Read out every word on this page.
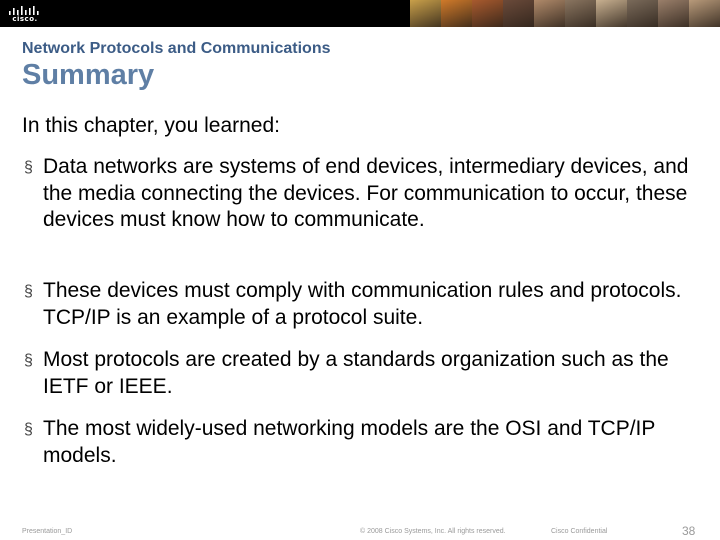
cisco.
Network Protocols and Communications
Summary
In this chapter, you learned:
§ Data networks are systems of end devices, intermediary devices, and the media connecting the devices. For communication to occur, these devices must know how to communicate.
§ These devices must comply with communication rules and protocols. TCP/IP is an example of a protocol suite.
§ Most protocols are created by a standards organization such as the IETF or IEEE.
§ The most widely-used networking models are the OSI and TCP/IP models.
Presentation_ID	© 2008 Cisco Systems, Inc. All rights reserved.	Cisco Confidential	38
